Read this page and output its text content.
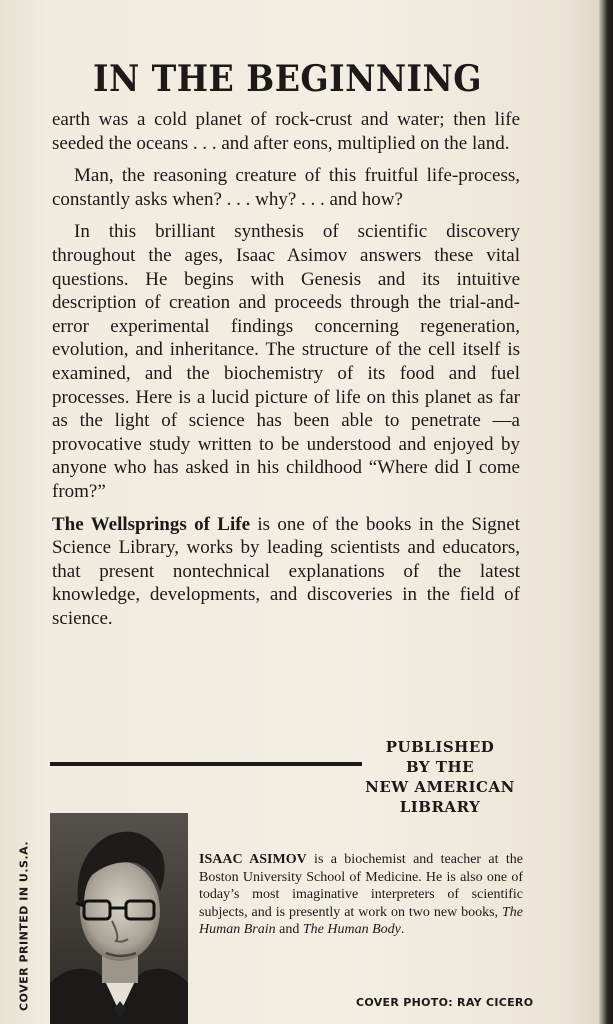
IN THE BEGINNING

earth was a cold planet of rock-crust and water; then life seeded the oceans . . . and after eons, multiplied on the land.

Man, the reasoning creature of this fruitful life-process, constantly asks when? . . . why? . . . and how?

In this brilliant synthesis of scientific discovery throughout the ages, Isaac Asimov answers these vital questions. He begins with Genesis and its intuitive description of creation and proceeds through the trial-and-error experimental findings concerning regeneration, evolution, and inheritance. The structure of the cell itself is examined, and the biochemistry of its food and fuel processes. Here is a lucid picture of life on this planet as far as the light of science has been able to penetrate —a provocative study written to be understood and enjoyed by anyone who has asked in his childhood “Where did I come from?”

The Wellsprings of Life is one of the books in the Signet Science Library, works by leading scientists and educators, that present nontechnical explanations of the latest knowledge, developments, and discoveries in the field of science.

PUBLISHED
BY THE
NEW AMERICAN
LIBRARY
COVER PRINTED IN U.S.A.	ISAAC ASIMOV is a biochemist and teacher at the Boston University School of Medicine. He is also one of today’s most imaginative interpreters of scientific subjects, and is presently at work on two new books, The Human Brain and The Human Body.
COVER PHOTO: RAY CICERO
